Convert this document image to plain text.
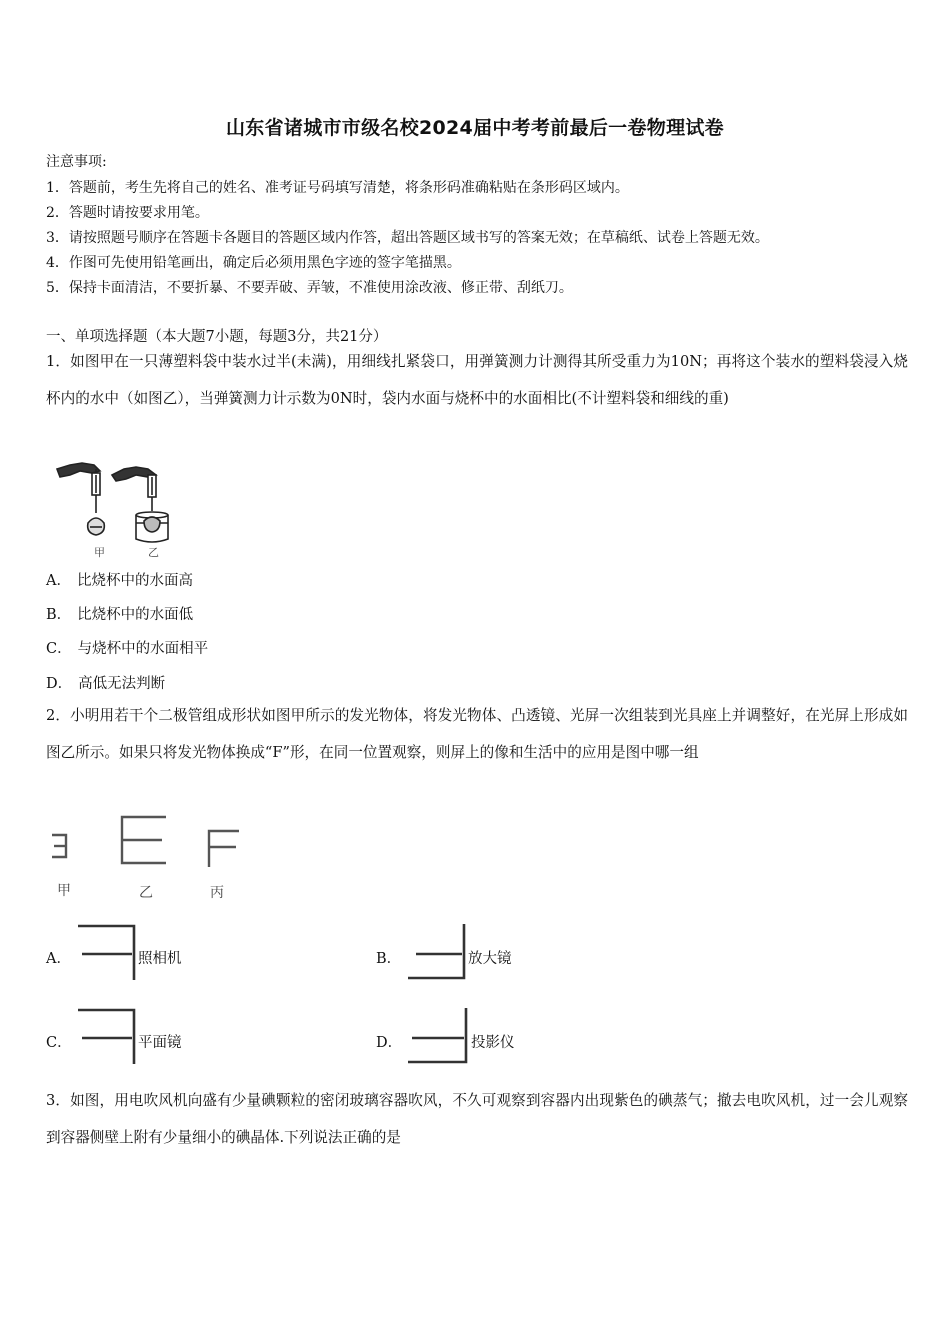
山东省诸城市市级名校2024届中考考前最后一卷物理试卷
注意事项:
1．答题前，考生先将自己的姓名、准考证号码填写清楚，将条形码准确粘贴在条形码区域内。
2．答题时请按要求用笔。
3．请按照题号顺序在答题卡各题目的答题区域内作答，超出答题区域书写的答案无效；在草稿纸、试卷上答题无效。
4．作图可先使用铅笔画出，确定后必须用黑色字迹的签字笔描黑。
5．保持卡面清洁，不要折暴、不要弄破、弄皱，不准使用涂改液、修正带、刮纸刀。
一、单项选择题（本大题7小题，每题3分，共21分）
1．如图甲在一只薄塑料袋中装水过半(未满)，用细线扎紧袋口，用弹簧测力计测得其所受重力为10N；再将这个装水的塑料袋浸入烧杯内的水中（如图乙），当弹簧测力计示数为0N时，袋内水面与烧杯中的水面相比(不计塑料袋和细线的重)
甲	乙
A． 比烧杯中的水面高
B． 比烧杯中的水面低
C． 与烧杯中的水面相平
D． 高低无法判断
2．小明用若干个二极管组成形状如图甲所示的发光物体，将发光物体、凸透镜、光屏一次组装到光具座上并调整好，在光屏上形成如图乙所示。如果只将发光物体换成“F”形，在同一位置观察，则屏上的像和生活中的应用是图中哪一组
甲	乙	丙
A．	照相机	B．	放大镜
C．	平面镜	D．	投影仪
3．如图，用电吹风机向盛有少量碘颗粒的密闭玻璃容器吹风，不久可观察到容器内出现紫色的碘蒸气；撤去电吹风机，过一会儿观察到容器侧壁上附有少量细小的碘晶体.下列说法正确的是
